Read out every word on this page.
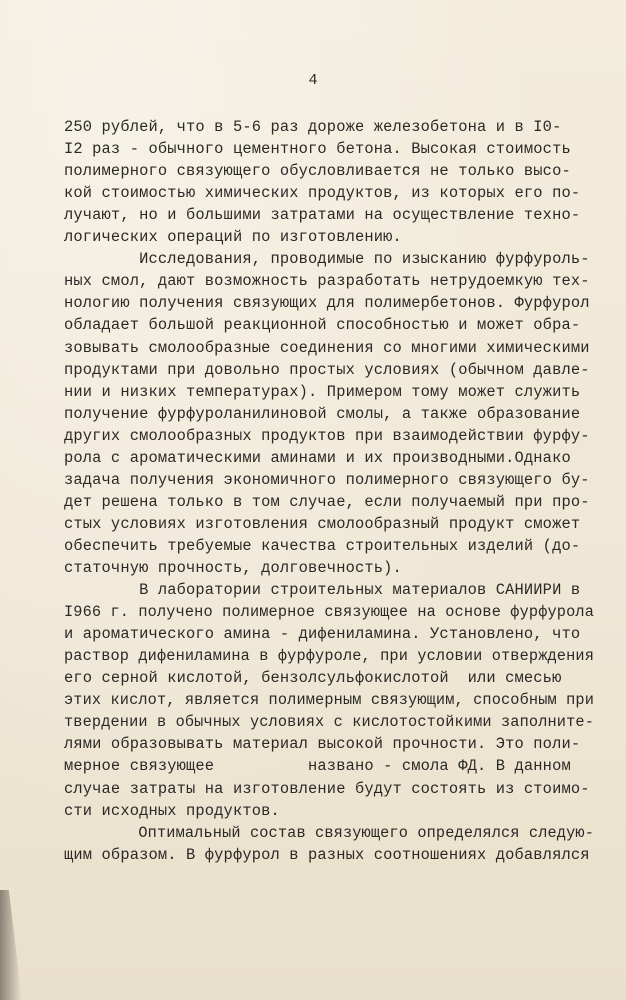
4
250 рублей, что в 5-6 раз дороже железобетона и в I0-
I2 раз - обычного цементного бетона. Высокая стоимость
полимерного связующего обусловливается не только высо-
кой стоимостью химических продуктов, из которых его по-
лучают, но и большими затратами на осуществление техно-
логических операций по изготовлению.
Исследования, проводимые по изысканию фурфуроль-
ных смол, дают возможность разработать нетрудоемкую тех-
нологию получения связующих для полимербетонов. Фурфурол
обладает большой реакционной способностью и может обра-
зовывать смолообразные соединения со многими химическими
продуктами при довольно простых условиях (обычном давле-
нии и низких температурах). Примером тому может служить
получение фурфуроланилиновой смолы, а также образование
других смолообразных продуктов при взаимодействии фурфу-
рола с ароматическими аминами и их производными.Однако
задача получения экономичного полимерного связующего бу-
дет решена только в том случае, если получаемый при про-
стых условиях изготовления смолообразный продукт сможет
обеспечить требуемые качества строительных изделий (до-
статочную прочность, долговечность).
В лаборатории строительных материалов САНИИРИ в
I966 г. получено полимерное связующее на основе фурфурола
и ароматического амина - дифениламина. Установлено, что
раствор дифениламина в фурфуроле, при условии отверждения
его серной кислотой, бензолсульфокислотой  или смесью
этих кислот, является полимерным связующим, способным при
твердении в обычных условиях с кислотостойкими заполните-
лями образовывать материал высокой прочности. Это поли-
мерное связующее          названо - смола ФД. В данном
случае затраты на изготовление будут состоять из стоимо-
сти исходных продуктов.
Оптимальный состав связующего определялся следую-
щим образом. В фурфурол в разных соотношениях добавлялся
